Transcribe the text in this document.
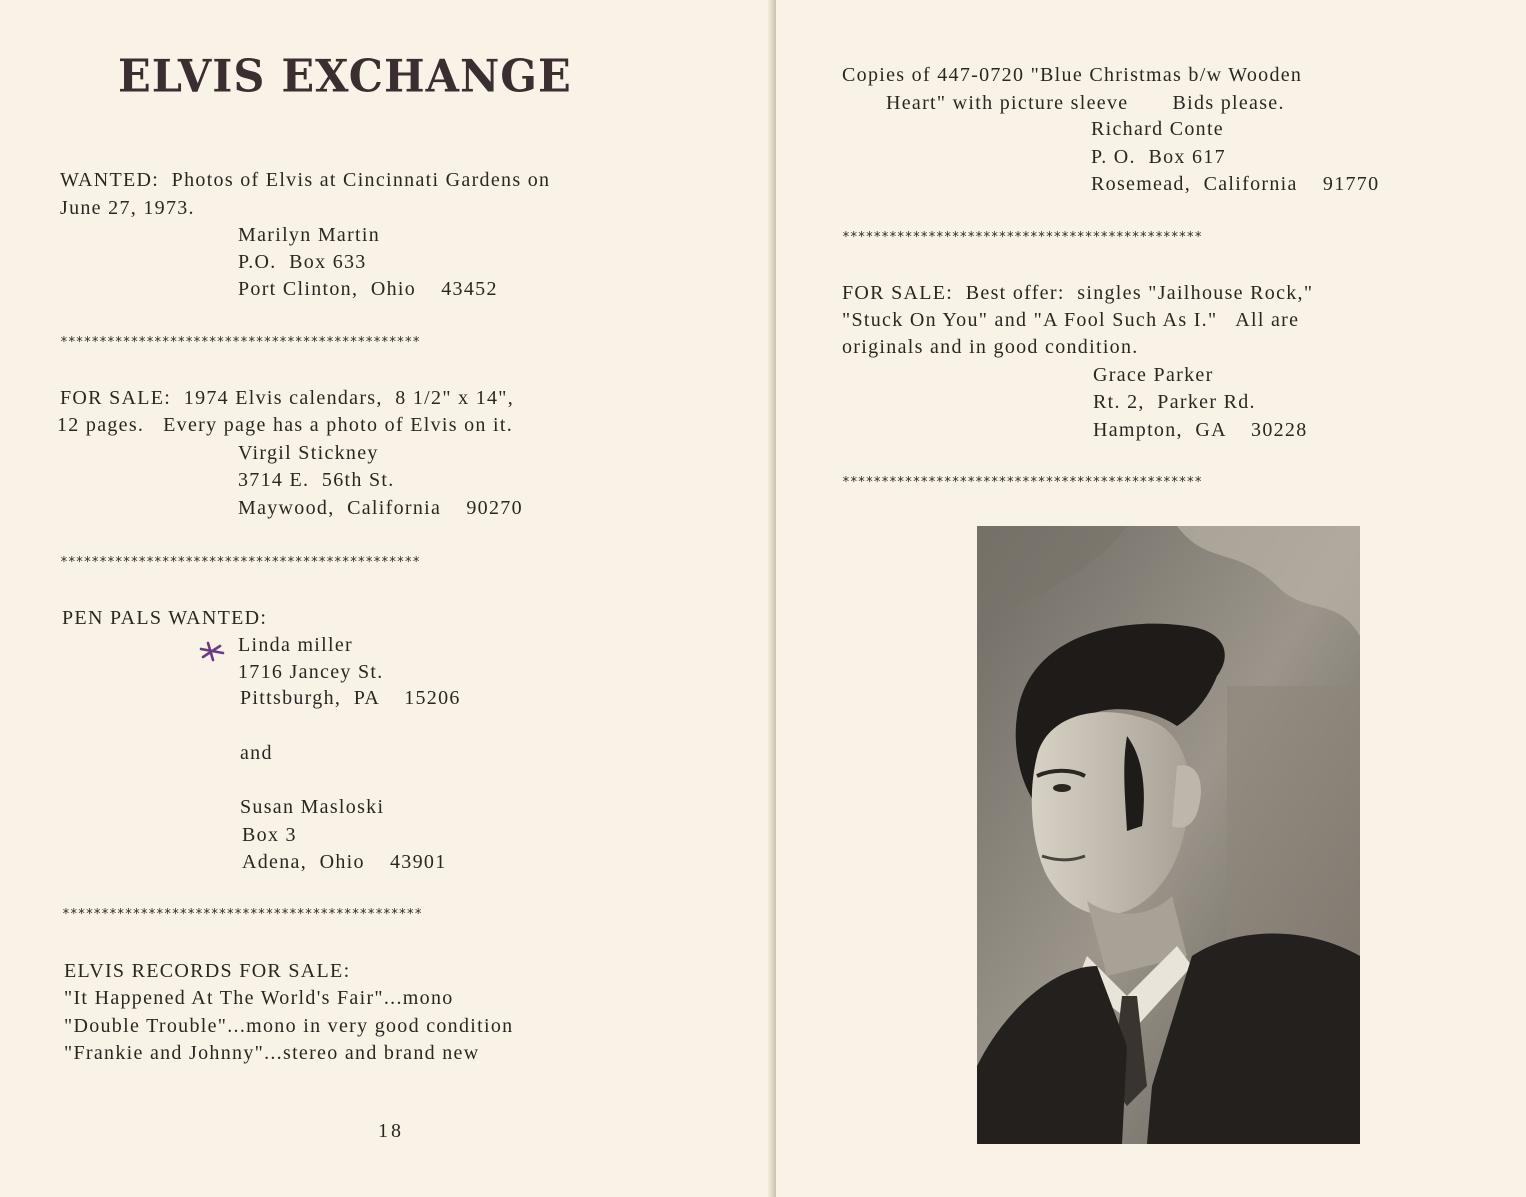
ELVIS EXCHANGE

WANTED:  Photos of Elvis at Cincinnati Gardens on

June 27, 1973.

Marilyn Martin

P.O.  Box 633

Port Clinton,  Ohio    43452

**********************************************

FOR SALE:  1974 Elvis calendars,  8 1/2" x 14",

12 pages.   Every page has a photo of Elvis on it.

Virgil Stickney

3714 E.  56th St.

Maywood,  California    90270

**********************************************

PEN PALS WANTED:

Linda miller

1716 Jancey St.

Pittsburgh,  PA    15206

and

Susan Masloski

Box 3

Adena,  Ohio    43901

**********************************************

ELVIS RECORDS FOR SALE:

"It Happened At The World's Fair"...mono

"Double Trouble"...mono in very good condition

"Frankie and Johnny"...stereo and brand new

18

Copies of 447-0720 "Blue Christmas b/w Wooden

Heart" with picture sleeve       Bids please.

Richard Conte

P. O.  Box 617

Rosemead,  California    91770

**********************************************

FOR SALE:  Best offer:  singles "Jailhouse Rock,"

"Stuck On You" and "A Fool Such As I."   All are

originals and in good condition.

Grace Parker

Rt. 2,  Parker Rd.

Hampton,  GA    30228

**********************************************
